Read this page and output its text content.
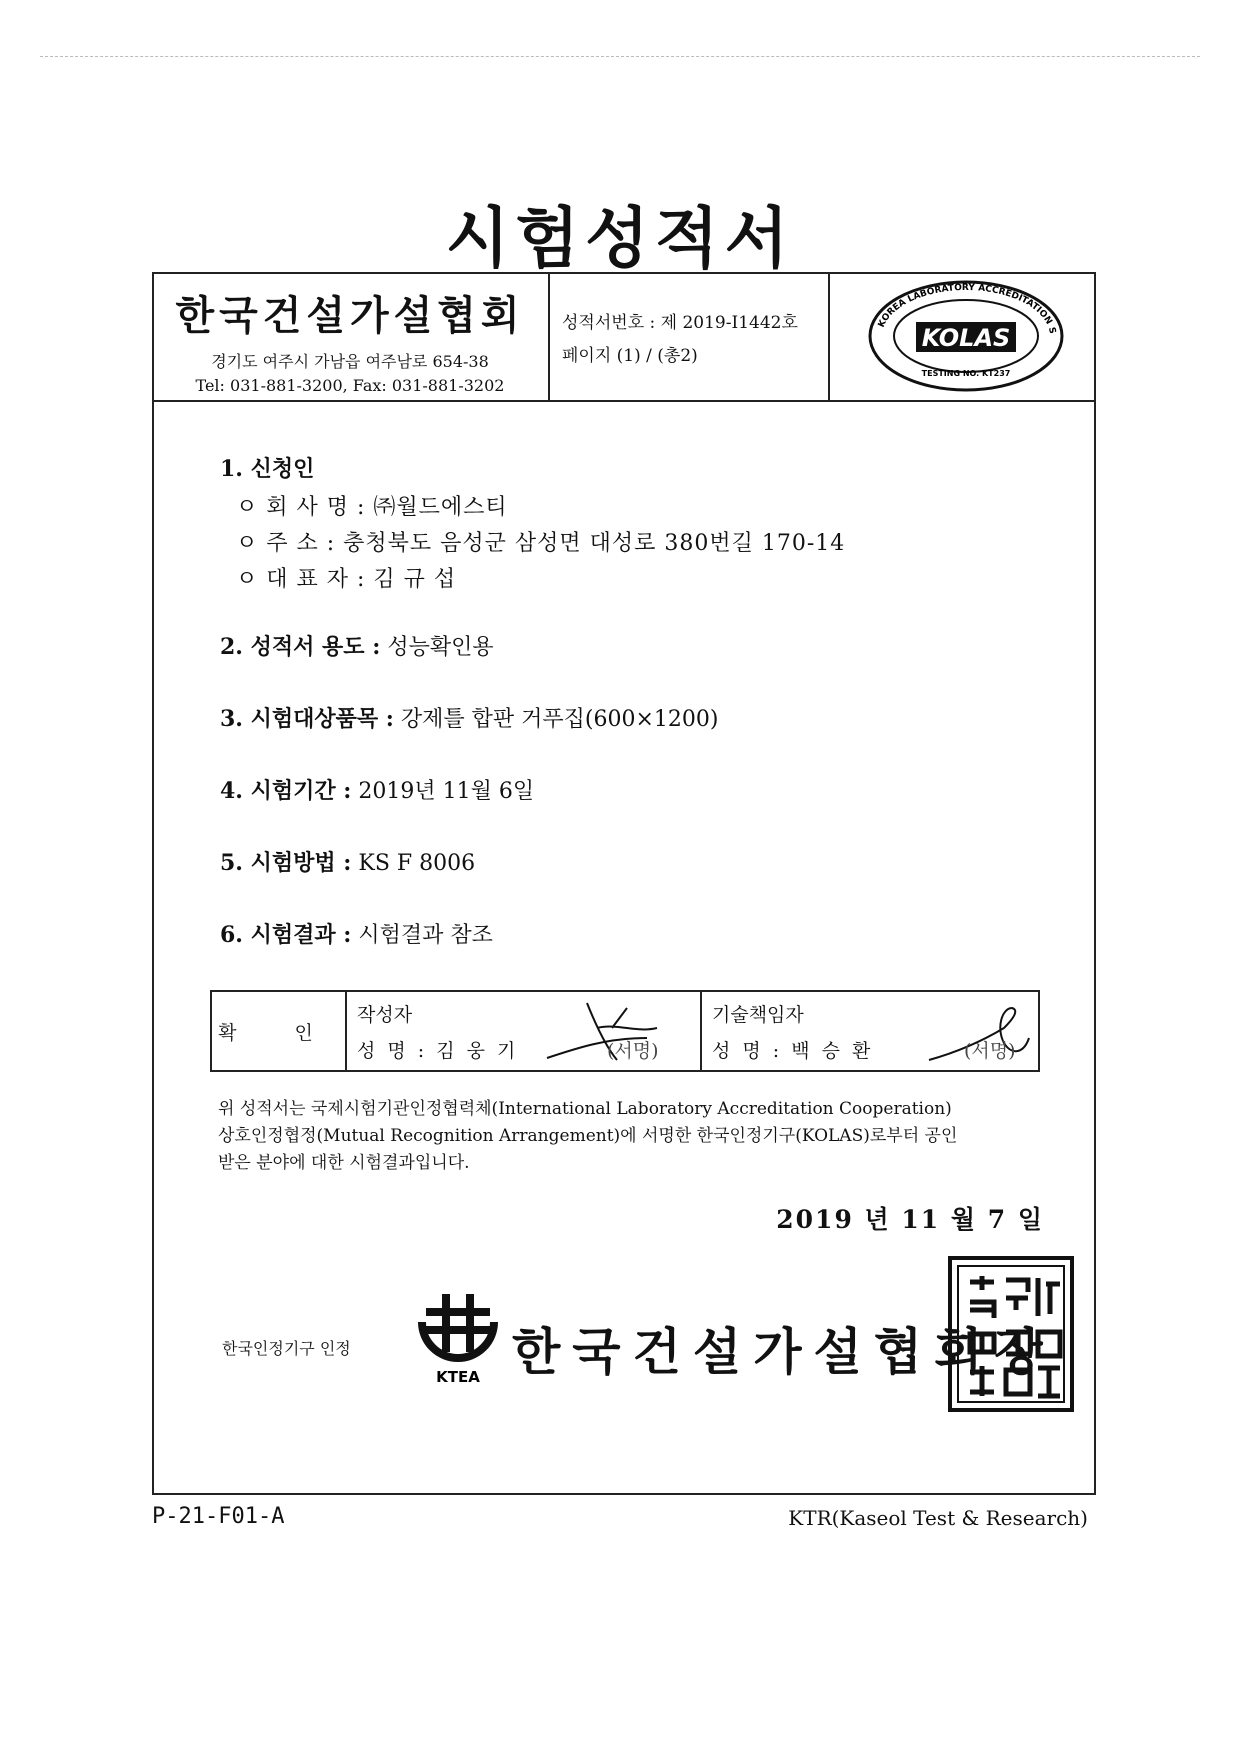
시험성적서
한국건설가설협회
경기도 여주시 가남읍 여주남로 654-38
Tel: 031-881-3200, Fax: 031-881-3202
성적서번호 : 제 2019-Ⅰ1442호
페이지 (1) / (총2)
KOREA LABORATORY ACCREDITATION S
KOLAS
TESTING NO. KT237
1. 신청인
ㅇ 회 사 명 : ㈜월드에스티
ㅇ 주 소 : 충청북도 음성군 삼성면 대성로 380번길 170-14
ㅇ 대 표 자 : 김 규 섭
2. 성적서 용도 : 성능확인용
3. 시험대상품목 : 강제틀 합판 거푸집(600×1200)
4. 시험기간 : 2019년 11월 6일
5. 시험방법 : KS F 8006
6. 시험결과 : 시험결과 참조
확 인
작성자
성 명 : 김 웅 기	(서명)
기술책임자
성 명 : 백 승 환	(서명)
위 성적서는 국제시험기관인정협력체(International Laboratory Accreditation Cooperation)
상호인정협정(Mutual Recognition Arrangement)에 서명한 한국인정기구(KOLAS)로부터 공인
받은 분야에 대한 시험결과입니다.
2019 년 11 월 7 일
한국인정기구 인정
KTEA 한국건설가설협회장
P-21-F01-A	KTR(Kaseol Test & Research)
